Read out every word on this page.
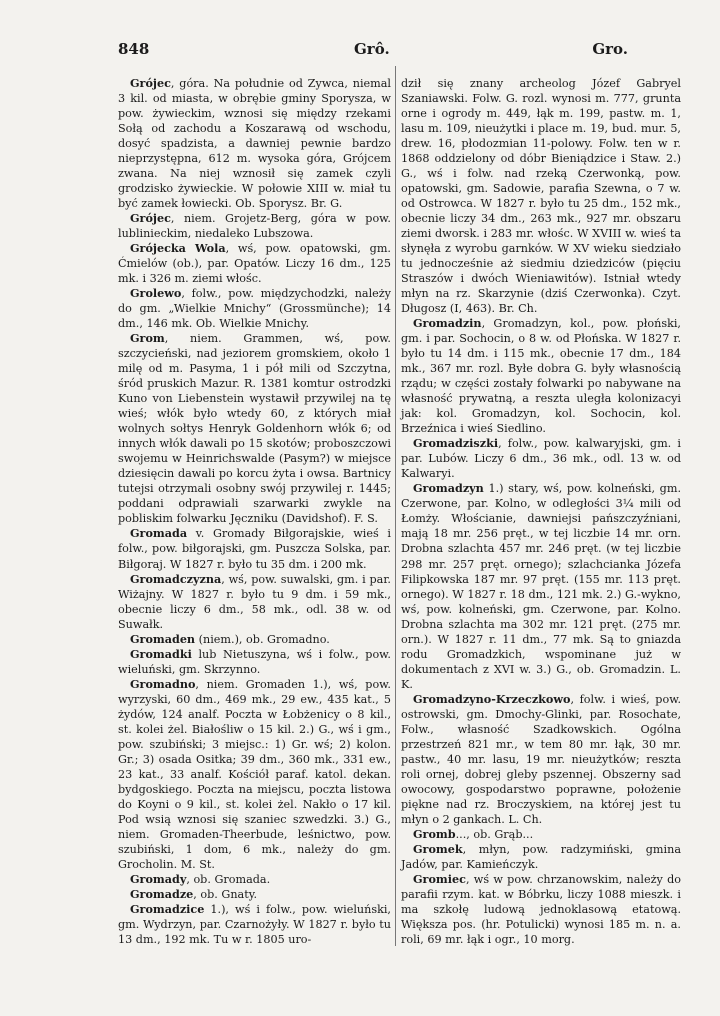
848	Grô.	Gro.

Grójec, góra. Na południe od Zywca, niemal 3 kil. od miasta, w obrębie gminy Sporysza, w pow. żywieckim, wznosi się między rzekami Sołą od zachodu a Koszarawą od wschodu, dosyć spadzista, a dawniej pewnie bardzo nieprzystępna, 612 m. wysoka góra, Grójcem zwana. Na niej wznosił się zamek czyli grodzisko żywieckie. W połowie XIII w. miał tu być zamek łowiecki. Ob. Sporysz. Br. G.

Grójec, niem. Grojetz-Berg, góra w pow. lublinieckim, niedaleko Lubszowa.

Grójecka Wola, wś, pow. opatowski, gm. Ćmielów (ob.), par. Opatów. Liczy 16 dm., 125 mk. i 326 m. ziemi włośc.

Grolewo, folw., pow. międzychodzki, należy do gm. „Wielkie Mnichy“ (Grossmünche); 14 dm., 146 mk. Ob. Wielkie Mnichy.

Grom, niem. Grammen, wś, pow. szczycieński, nad jeziorem gromskiem, około 1 milę od m. Pasyma, 1 i pół mili od Szczytna, śród pruskich Mazur. R. 1381 komtur ostrodzki Kuno von Liebenstein wystawił przywilej na tę wieś; włók było wtedy 60, z których miał wolnych sołtys Henryk Goldenhorn włók 6; od innych włók dawali po 15 skotów; proboszczowi swojemu w Heinrichswalde (Pasym?) w miejsce dziesięcin dawali po korcu żyta i owsa. Bartnicy tutejsi otrzymali osobny swój przywilej r. 1445; poddani odprawiali szarwarki zwykle na pobliskim folwarku Jęczniku (Davidshof). F. S.

Gromada v. Gromady Biłgorajskie, wieś i folw., pow. biłgorajski, gm. Puszcza Solska, par. Biłgoraj. W 1827 r. było tu 35 dm. i 200 mk.

Gromadczyzna, wś, pow. suwalski, gm. i par. Wiżajny. W 1827 r. było tu 9 dm. i 59 mk., obecnie liczy 6 dm., 58 mk., odl. 38 w. od Suwałk.

Gromaden (niem.), ob. Gromadno.

Gromadki lub Nietuszyna, wś i folw., pow. wieluński, gm. Skrzynno.

Gromadno, niem. Gromaden 1.), wś, pow. wyrzyski, 60 dm., 469 mk., 29 ew., 435 kat., 5 żydów, 124 analf. Poczta w Łobżenicy o 8 kil., st. kolei żel. Białośliw o 15 kil. 2.) G., wś i gm., pow. szubiński; 3 miejsc.: 1) Gr. wś; 2) kolon. Gr.; 3) osada Ositka; 39 dm., 360 mk., 331 ew., 23 kat., 33 analf. Kościół paraf. katol. dekan. bydgoskiego. Poczta na miejscu, poczta listowa do Koyni o 9 kil., st. kolei żel. Nakło o 17 kil. Pod wsią wznosi się szaniec szwedzki. 3.) G., niem. Gromaden-Theerbude, leśnictwo, pow. szubiński, 1 dom, 6 mk., należy do gm. Grocholin. M. St.

Gromady, ob. Gromada.

Gromadze, ob. Gnaty.

Gromadzice 1.), wś i folw., pow. wieluński, gm. Wydrzyn, par. Czarnożyły. W 1827 r. było tu 13 dm., 192 mk. Tu w r. 1805 uro-

dził się znany archeolog Józef Gabryel Szaniawski. Folw. G. rozl. wynosi m. 777, grunta orne i ogrody m. 449, łąk m. 199, pastw. m. 1, lasu m. 109, nieużytki i place m. 19, bud. mur. 5, drew. 16, płodozmian 11-polowy. Folw. ten w r. 1868 oddzielony od dóbr Bieniądzice i Staw. 2.) G., wś i folw. nad rzeką Czerwonką, pow. opatowski, gm. Sadowie, parafia Szewna, o 7 w. od Ostrowca. W 1827 r. było tu 25 dm., 152 mk., obecnie liczy 34 dm., 263 mk., 927 mr. obszaru ziemi dworsk. i 283 mr. włośc. W XVIII w. wieś ta słynęła z wyrobu garnków. W XV wieku siedziało tu jednocześnie aż siedmiu dziedziców (pięciu Straszów i dwóch Wieniawitów). Istniał wtedy młyn na rz. Skarzynie (dziś Czerwonka). Czyt. Długosz (I, 463). Br. Ch.

Gromadzin, Gromadzyn, kol., pow. płoński, gm. i par. Sochocin, o 8 w. od Płońska. W 1827 r. było tu 14 dm. i 115 mk., obecnie 17 dm., 184 mk., 367 mr. rozl. Byłe dobra G. były własnością rządu; w części zostały folwarki po nabywane na własność prywatną, a reszta uległa kolonizacyi jak: kol. Gromadzyn, kol. Sochocin, kol. Brzeźnica i wieś Siedlino.

Gromadziszki, folw., pow. kalwaryjski, gm. i par. Lubów. Liczy 6 dm., 36 mk., odl. 13 w. od Kalwaryi.

Gromadzyn 1.) stary, wś, pow. kolneński, gm. Czerwone, par. Kolno, w odległości 3¼ mili od Łomży. Włościanie, dawniejsi pańszczyźniani, mają 18 mr. 256 pręt., w tej liczbie 14 mr. orn. Drobna szlachta 457 mr. 246 pręt. (w tej liczbie 298 mr. 257 pręt. ornego); szlachcianka Józefa Filipkowska 187 mr. 97 pręt. (155 mr. 113 pręt. ornego). W 1827 r. 18 dm., 121 mk. 2.) G.-wykno, wś, pow. kolneński, gm. Czerwone, par. Kolno. Drobna szlachta ma 302 mr. 121 pręt. (275 mr. orn.). W 1827 r. 11 dm., 77 mk. Są to gniazda rodu Gromadzkich, wspominane już w dokumentach z XVI w. 3.) G., ob. Gromadzin. L. K.

Gromadzyno-Krzeczkowo, folw. i wieś, pow. ostrowski, gm. Dmochy-Glinki, par. Rosochate, Folw., własność Szadkowskich. Ogólna przestrzeń 821 mr., w tem 80 mr. łąk, 30 mr. pastw., 40 mr. lasu, 19 mr. nieużytków; reszta roli ornej, dobrej gleby pszennej. Obszerny sad owocowy, gospodarstwo poprawne, położenie piękne nad rz. Broczyskiem, na której jest tu młyn o 2 gankach. L. Ch.

Gromb..., ob. Grąb...

Gromek, młyn, pow. radzymiński, gmina Jadów, par. Kamieńczyk.

Gromiec, wś w pow. chrzanowskim, należy do parafii rzym. kat. w Bóbrku, liczy 1088 mieszk. i ma szkołę ludową jednoklasową etatową. Większa pos. (hr. Potulicki) wynosi 185 m. n. a. roli, 69 mr. łąk i ogr., 10 morg.
